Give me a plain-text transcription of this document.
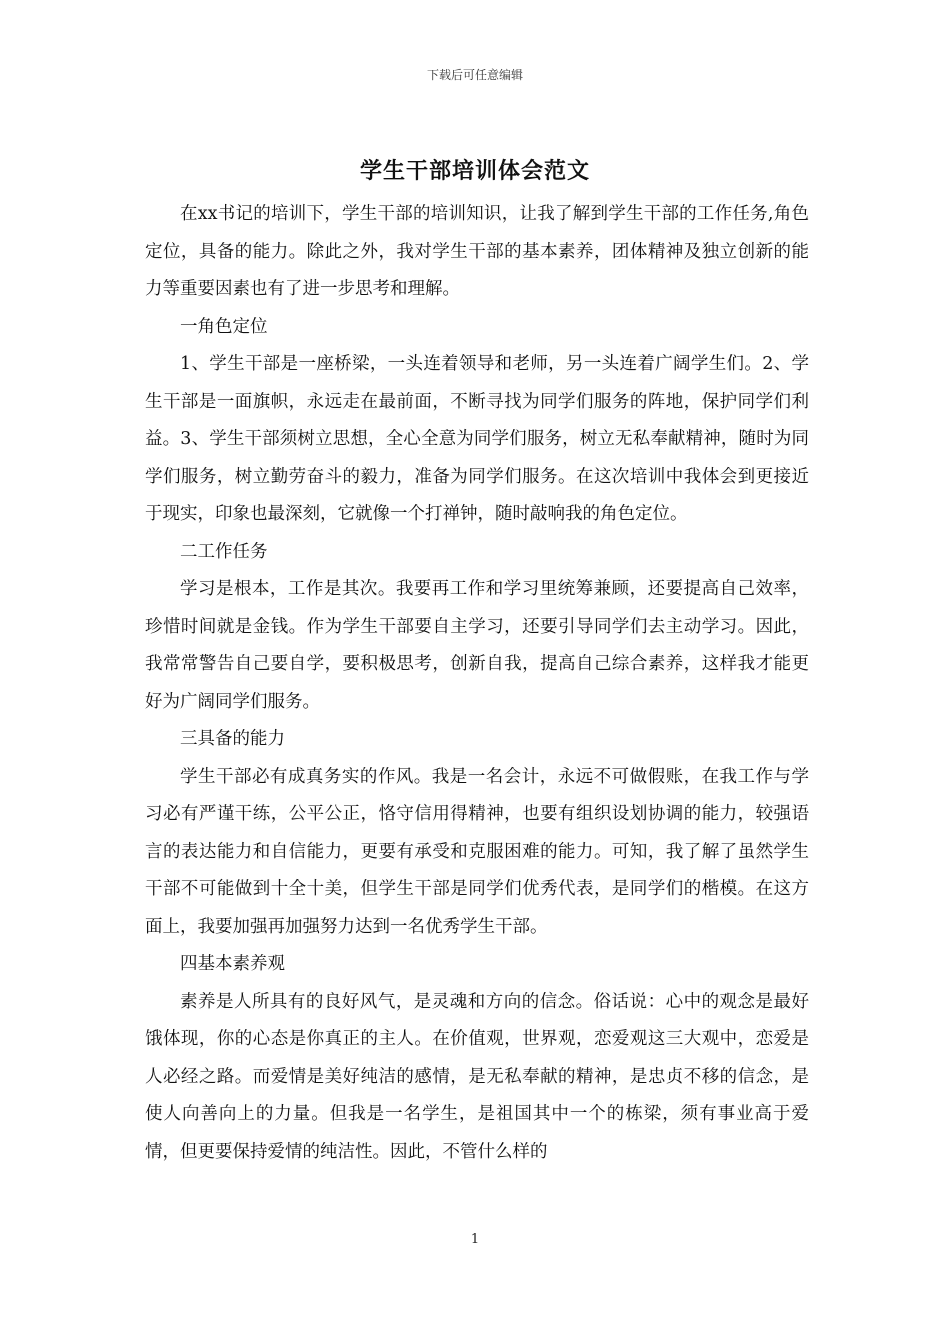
下载后可任意编辑
学生干部培训体会范文

在xx书记的培训下，学生干部的培训知识，让我了解到学生干部的工作任务,角色定位，具备的能力。除此之外，我对学生干部的基本素养，团体精神及独立创新的能力等重要因素也有了进一步思考和理解。

一角色定位

1、学生干部是一座桥梁，一头连着领导和老师，另一头连着广阔学生们。2、学生干部是一面旗帜，永远走在最前面，不断寻找为同学们服务的阵地，保护同学们利益。3、学生干部须树立思想，全心全意为同学们服务，树立无私奉献精神，随时为同学们服务，树立勤劳奋斗的毅力，准备为同学们服务。在这次培训中我体会到更接近于现实，印象也最深刻，它就像一个打禅钟，随时敲响我的角色定位。

二工作任务

学习是根本，工作是其次。我要再工作和学习里统筹兼顾，还要提高自己效率，珍惜时间就是金钱。作为学生干部要自主学习，还要引导同学们去主动学习。因此，我常常警告自己要自学，要积极思考，创新自我，提高自己综合素养，这样我才能更好为广阔同学们服务。

三具备的能力

学生干部必有成真务实的作风。我是一名会计，永远不可做假账，在我工作与学习必有严谨干练，公平公正，恪守信用得精神，也要有组织设划协调的能力，较强语言的表达能力和自信能力，更要有承受和克服困难的能力。可知，我了解了虽然学生干部不可能做到十全十美，但学生干部是同学们优秀代表，是同学们的楷模。在这方面上，我要加强再加强努力达到一名优秀学生干部。

四基本素养观

素养是人所具有的良好风气，是灵魂和方向的信念。俗话说：心中的观念是最好饿体现，你的心态是你真正的主人。在价值观，世界观，恋爱观这三大观中，恋爱是人必经之路。而爱情是美好纯洁的感情，是无私奉献的精神，是忠贞不移的信念，是使人向善向上的力量。但我是一名学生，是祖国其中一个的栋梁，须有事业高于爱情，但更要保持爱情的纯洁性。因此，不管什么样的

1
